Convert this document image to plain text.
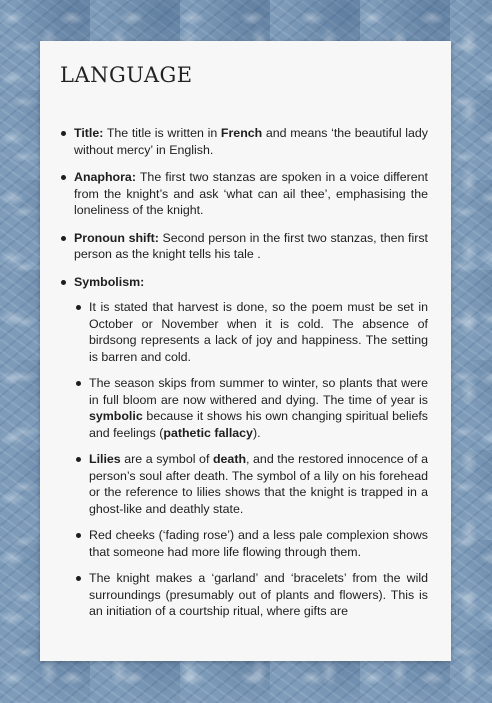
LANGUAGE
Title: The title is written in French and means ‘the beautiful lady without mercy’ in English.
Anaphora: The first two stanzas are spoken in a voice different from the knight’s and ask ‘what can ail thee’, emphasising the loneliness of the knight.
Pronoun shift: Second person in the first two stanzas, then first person as the knight tells his tale .
Symbolism:
It is stated that harvest is done, so the poem must be set in October or November when it is cold. The absence of birdsong represents a lack of joy and happiness. The setting is barren and cold.
The season skips from summer to winter, so plants that were in full bloom are now withered and dying. The time of year is symbolic because it shows his own changing spiritual beliefs and feelings (pathetic fallacy).
Lilies are a symbol of death, and the restored innocence of a person’s soul after death. The symbol of a lily on his forehead or the reference to lilies shows that the knight is trapped in a ghost-like and deathly state.
Red cheeks (‘fading rose’) and a less pale complexion shows that someone had more life flowing through them.
The knight makes a ‘garland’ and ‘bracelets’ from the wild surroundings (presumably out of plants and flowers). This is an initiation of a courtship ritual, where gifts are
